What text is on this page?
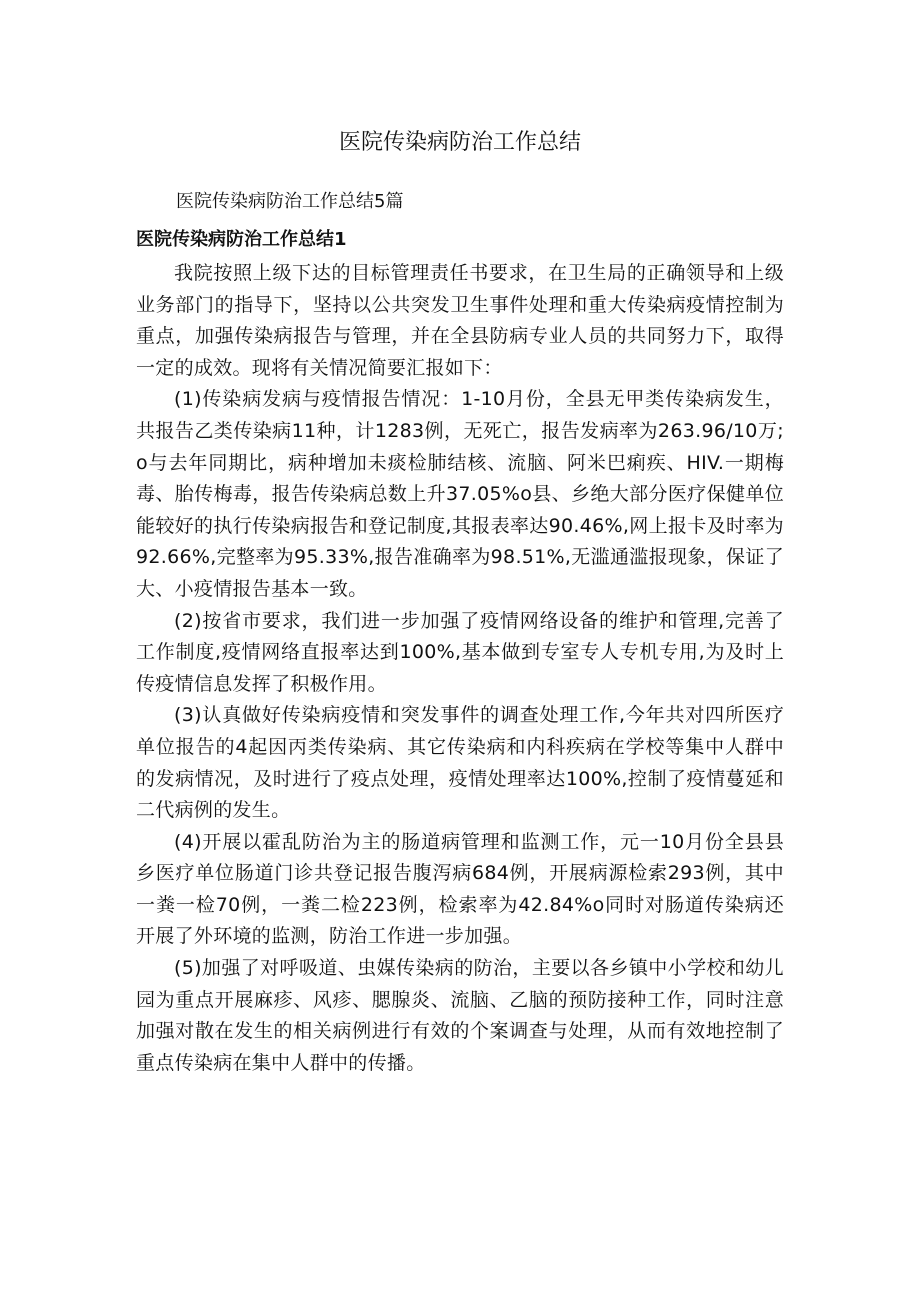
医院传染病防治工作总结

医院传染病防治工作总结5篇

医院传染病防治工作总结1

我院按照上级下达的目标管理责任书要求，在卫生局的正确领导和上级业务部门的指导下，坚持以公共突发卫生事件处理和重大传染病疫情控制为重点，加强传染病报告与管理，并在全县防病专业人员的共同努力下，取得一定的成效。现将有关情况简要汇报如下：

(1)传染病发病与疫情报告情况：1-10月份，全县无甲类传染病发生，共报告乙类传染病11种，计1283例，无死亡，报告发病率为263.96/10万;o与去年同期比，病种增加未痰检肺结核、流脑、阿米巴痢疾、HIV.一期梅毒、胎传梅毒，报告传染病总数上升37.05%o县、乡绝大部分医疗保健单位能较好的执行传染病报告和登记制度,其报表率达90.46%,网上报卡及时率为92.66%,完整率为95.33%,报告准确率为98.51%,无滥通滥报现象，保证了大、小疫情报告基本一致。

(2)按省市要求，我们进一步加强了疫情网络设备的维护和管理,完善了工作制度,疫情网络直报率达到100%,基本做到专室专人专机专用,为及时上传疫情信息发挥了积极作用。

(3)认真做好传染病疫情和突发事件的调查处理工作,今年共对四所医疗单位报告的4起因丙类传染病、其它传染病和内科疾病在学校等集中人群中的发病情况，及时进行了疫点处理，疫情处理率达100%,控制了疫情蔓延和二代病例的发生。

(4)开展以霍乱防治为主的肠道病管理和监测工作，元一10月份全县县乡医疗单位肠道门诊共登记报告腹泻病684例，开展病源检索293例，其中一粪一检70例，一粪二检223例，检索率为42.84%o同时对肠道传染病还开展了外环境的监测，防治工作进一步加强。

(5)加强了对呼吸道、虫媒传染病的防治，主要以各乡镇中小学校和幼儿园为重点开展麻疹、风疹、腮腺炎、流脑、乙脑的预防接种工作，同时注意加强对散在发生的相关病例进行有效的个案调查与处理，从而有效地控制了重点传染病在集中人群中的传播。
